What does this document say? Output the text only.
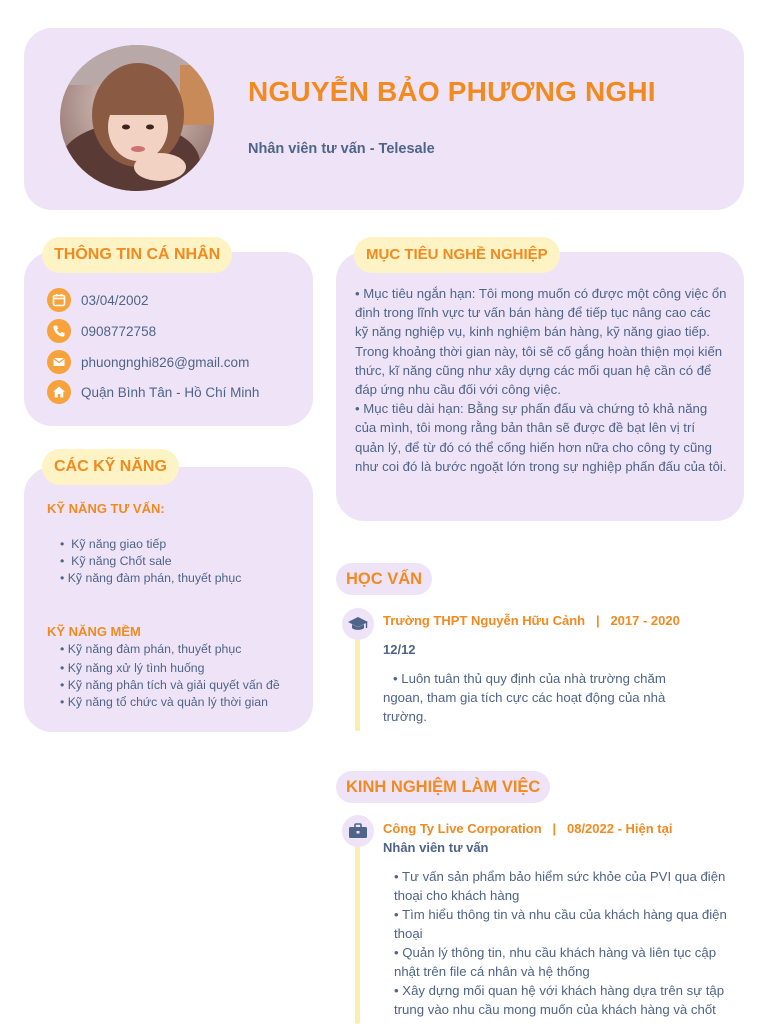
NGUYỄN BẢO PHƯƠNG NGHI
Nhân viên tư vấn - Telesale
THÔNG TIN CÁ NHÂN
03/04/2002
0908772758
phuongnghi826@gmail.com
Quận Bình Tân - Hồ Chí Minh
CÁC KỸ NĂNG
KỸ NĂNG TƯ VẤN:
•  Kỹ năng giao tiếp
•  Kỹ năng Chốt sale
• Kỹ năng đàm phán, thuyết phục
KỸ NĂNG MỀM
• Kỹ năng đàm phán, thuyết phục
• Kỹ năng xử lý tình huống
• Kỹ năng phân tích và giải quyết vấn đề
• Kỹ năng tổ chức và quản lý thời gian
MỤC TIÊU NGHỀ NGHIỆP
• Mục tiêu ngắn hạn: Tôi mong muốn có được một công việc ổn định trong lĩnh vực tư vấn bán hàng để tiếp tục nâng cao các kỹ năng nghiệp vụ, kinh nghiệm bán hàng, kỹ năng giao tiếp. Trong khoảng thời gian này, tôi sẽ cố gắng hoàn thiện mọi kiến thức, kĩ năng cũng như xây dựng các mối quan hệ cần có để đáp ứng nhu cầu đối với công việc.
• Mục tiêu dài hạn: Bằng sự phấn đấu và chứng tỏ khả năng của mình, tôi mong rằng bản thân sẽ được đề bạt lên vị trí quản lý, để từ đó có thể cống hiến hơn nữa cho công ty cũng như coi đó là bước ngoặt lớn trong sự nghiệp phấn đấu của tôi.
HỌC VẤN
Trường THPT Nguyễn Hữu Cảnh | 2017 - 2020
12/12
• Luôn tuân thủ quy định của nhà trường chăm ngoan, tham gia tích cực các hoạt động của nhà trường.
KINH NGHIỆM LÀM VIỆC
Công Ty Live Corporation | 08/2022 - Hiện tại
Nhân viên tư vấn
• Tư vấn sản phẩm bảo hiểm sức khỏe của PVI qua điện thoại cho khách hàng
• Tìm hiểu thông tin và nhu cầu của khách hàng qua điện thoại
• Quản lý thông tin, nhu cầu khách hàng và liên tục cập nhật trên file cá nhân và hệ thống
• Xây dựng mối quan hệ với khách hàng dựa trên sự tập trung vào nhu cầu mong muốn của khách hàng và chốt
